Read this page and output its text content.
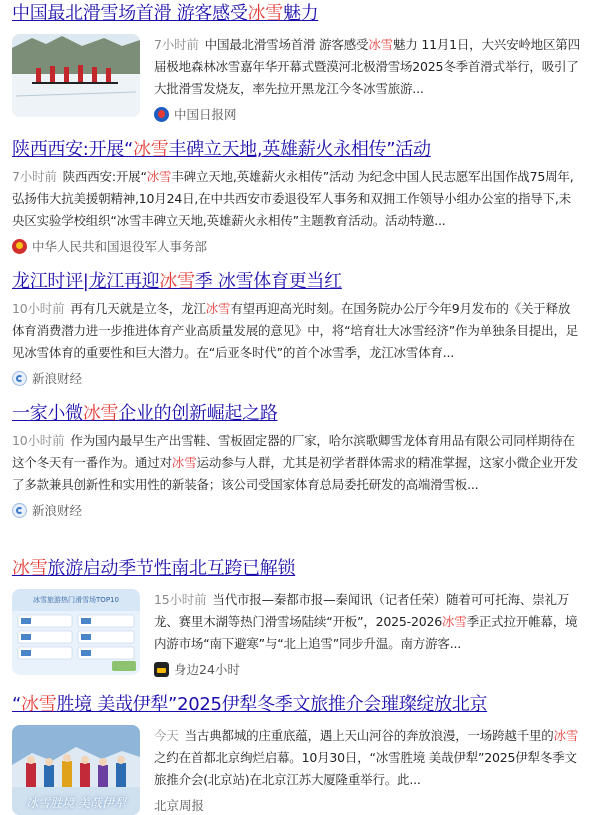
中国最北滑雪场首滑 游客感受冰雪魅力

7小时前 中国最北滑雪场首滑 游客感受冰雪魅力 11月1日，大兴安岭地区第四届极地森林冰雪嘉年华开幕式暨漠河北极滑雪场2025冬季首滑式举行，吸引了大批滑雪发烧友，率先拉开黑龙江今冬冰雪旅游...

中国日报网
陕西西安:开展“冰雪丰碑立天地,英雄薪火永相传”活动

7小时前 陕西西安:开展“冰雪丰碑立天地,英雄薪火永相传”活动 为纪念中国人民志愿军出国作战75周年,弘扬伟大抗美援朝精神,10月24日,在中共西安市委退役军人事务和双拥工作领导小组办公室的指导下,未央区实验学校组织“冰雪丰碑立天地,英雄薪火永相传”主题教育活动。活动特邀...

中华人民共和国退役军人事务部
龙江时评|龙江再迎冰雪季 冰雪体育更当红

10小时前 再有几天就是立冬，龙江冰雪有望再迎高光时刻。在国务院办公厅今年9月发布的《关于释放体育消费潜力进一步推进体育产业高质量发展的意见》中，将“培育壮大冰雪经济”作为单独条目提出，足见冰雪体育的重要性和巨大潜力。在“后亚冬时代”的首个冰雪季，龙江冰雪体育...

新浪财经
一家小微冰雪企业的创新崛起之路

10小时前 作为国内最早生产出雪鞋、雪板固定器的厂家，哈尔滨歌卿雪龙体育用品有限公司同样期待在这个冬天有一番作为。通过对冰雪运动参与人群，尤其是初学者群体需求的精准掌握，这家小微企业开发了多款兼具创新性和实用性的新装备；该公司受国家体育总局委托研发的高端滑雪板...

新浪财经
冰雪旅游启动季节性南北互跨已解锁
冰雪旅游热门滑雪场TOP10	15小时前 当代市报—秦都市报—秦闻讯（记者任荣）随着可可托海、崇礼万龙、赛里木湖等热门滑雪场陆续“开板”，2025-2026冰雪季正式拉开帷幕，境内游市场“南下避寒”与“北上追雪”同步升温。南方游客...

身边24小时
“冰雪胜境 美哉伊犁”2025伊犁冬季文旅推介会璀璨绽放北京
冰雪胜境 美哉伊犁

今天 当古典都城的庄重底蕴，遇上天山河谷的奔放浪漫，一场跨越千里的冰雪之约在首都北京绚烂启幕。10月30日，“冰雪胜境 美哉伊犁”2025伊犁冬季文旅推介会(北京站)在北京江苏大厦隆重举行。此...

北京周报
